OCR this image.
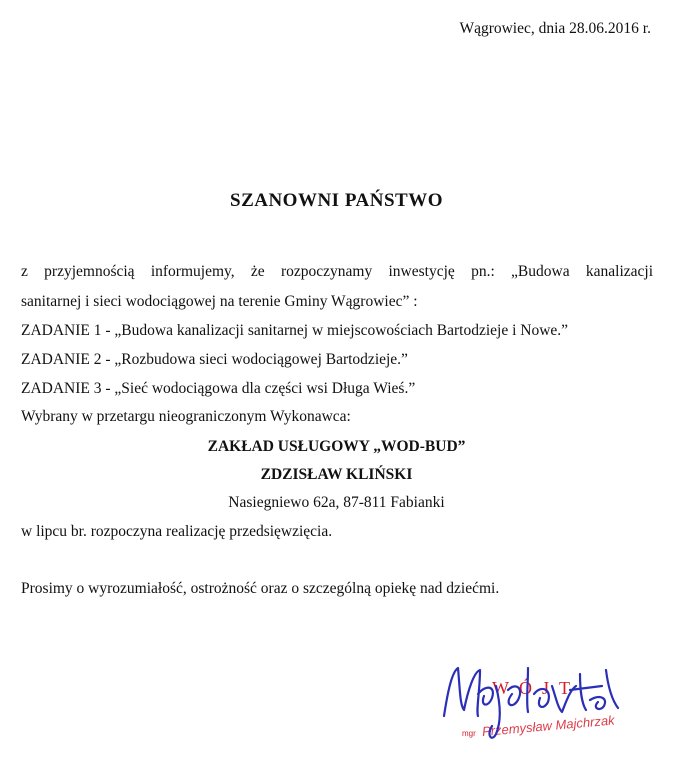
Wągrowiec, dnia 28.06.2016 r.
SZANOWNI PAŃSTWO
z przyjemnością informujemy, że rozpoczynamy inwestycję pn.: „Budowa kanalizacji
sanitarnej i sieci wodociągowej na terenie Gminy Wągrowiec” :
ZADANIE 1 - „Budowa kanalizacji sanitarnej w miejscowościach Bartodzieje i Nowe.”
ZADANIE 2 - „Rozbudowa sieci wodociągowej Bartodzieje.”
ZADANIE 3 - „Sieć wodociągowa dla części wsi Długa Wieś.”
Wybrany w przetargu nieograniczonym Wykonawca:
ZAKŁAD USŁUGOWY „WOD-BUD”
ZDZISŁAW KLIŃSKI
Nasiegniewo 62a, 87-811 Fabianki
w lipcu br. rozpoczyna realizację przedsięwzięcia.
Prosimy o wyrozumiałość, ostrożność oraz o szczególną opiekę nad dziećmi.
WÓJT
Przemysław Majchrzak
mgr
